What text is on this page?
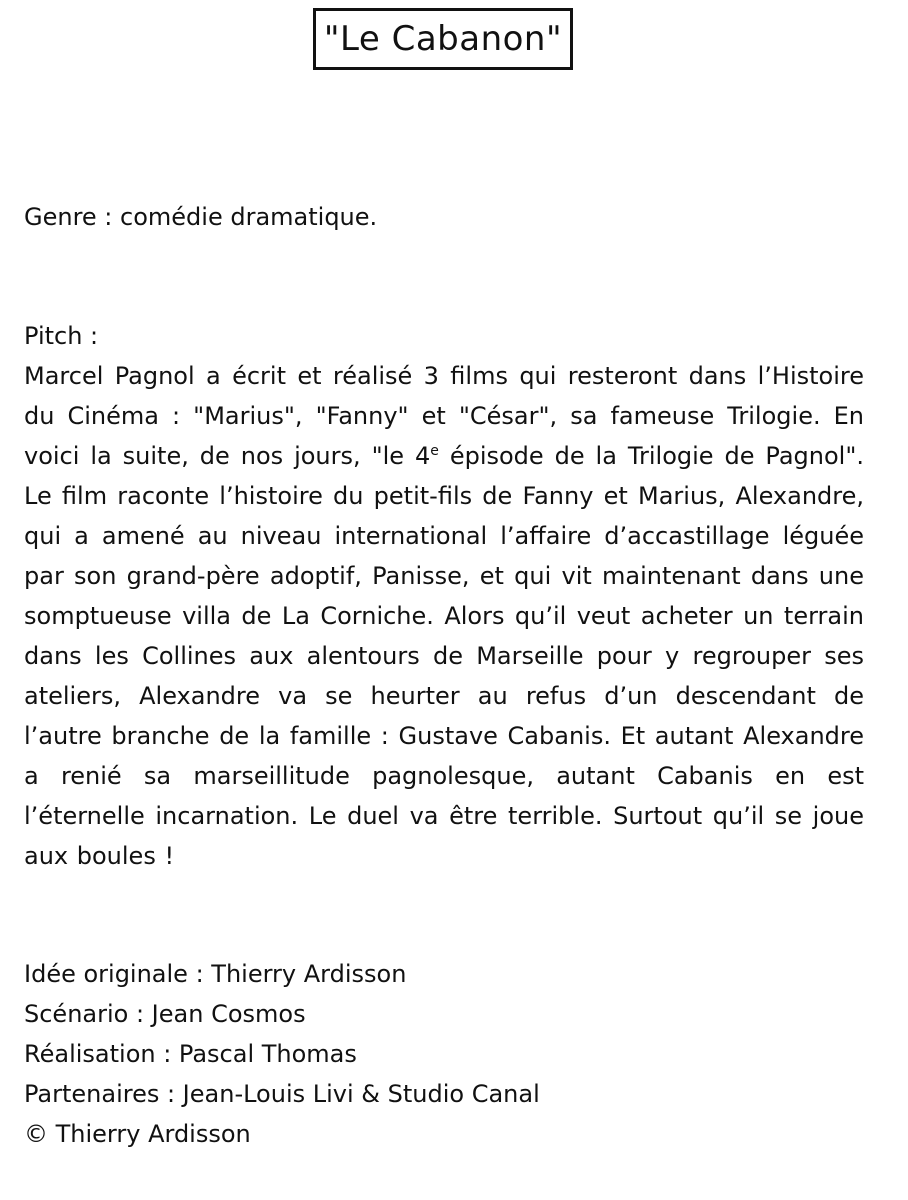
"Le Cabanon"

Genre : comédie dramatique.

Pitch :

Marcel Pagnol a écrit et réalisé 3 films qui resteront dans l’Histoire du Cinéma : "Marius", "Fanny" et "César", sa fameuse Trilogie. En voici la suite, de nos jours, "le 4e épisode de la Trilogie de Pagnol". Le film raconte l’histoire du petit-fils de Fanny et Marius, Alexandre, qui a amené au niveau international l’affaire d’accastillage léguée par son grand-père adoptif, Panisse, et qui vit maintenant dans une somptueuse villa de La Corniche. Alors qu’il veut acheter un terrain dans les Collines aux alentours de Marseille pour y regrouper ses ateliers, Alexandre va se heurter au refus d’un descendant de l’autre branche de la famille : Gustave Cabanis. Et autant Alexandre a renié sa marseillitude pagnolesque, autant Cabanis en est l’éternelle incarnation. Le duel va être terrible. Surtout qu’il se joue aux boules !

Idée originale : Thierry Ardisson
Scénario : Jean Cosmos
Réalisation : Pascal Thomas
Partenaires : Jean-Louis Livi & Studio Canal
© Thierry Ardisson
